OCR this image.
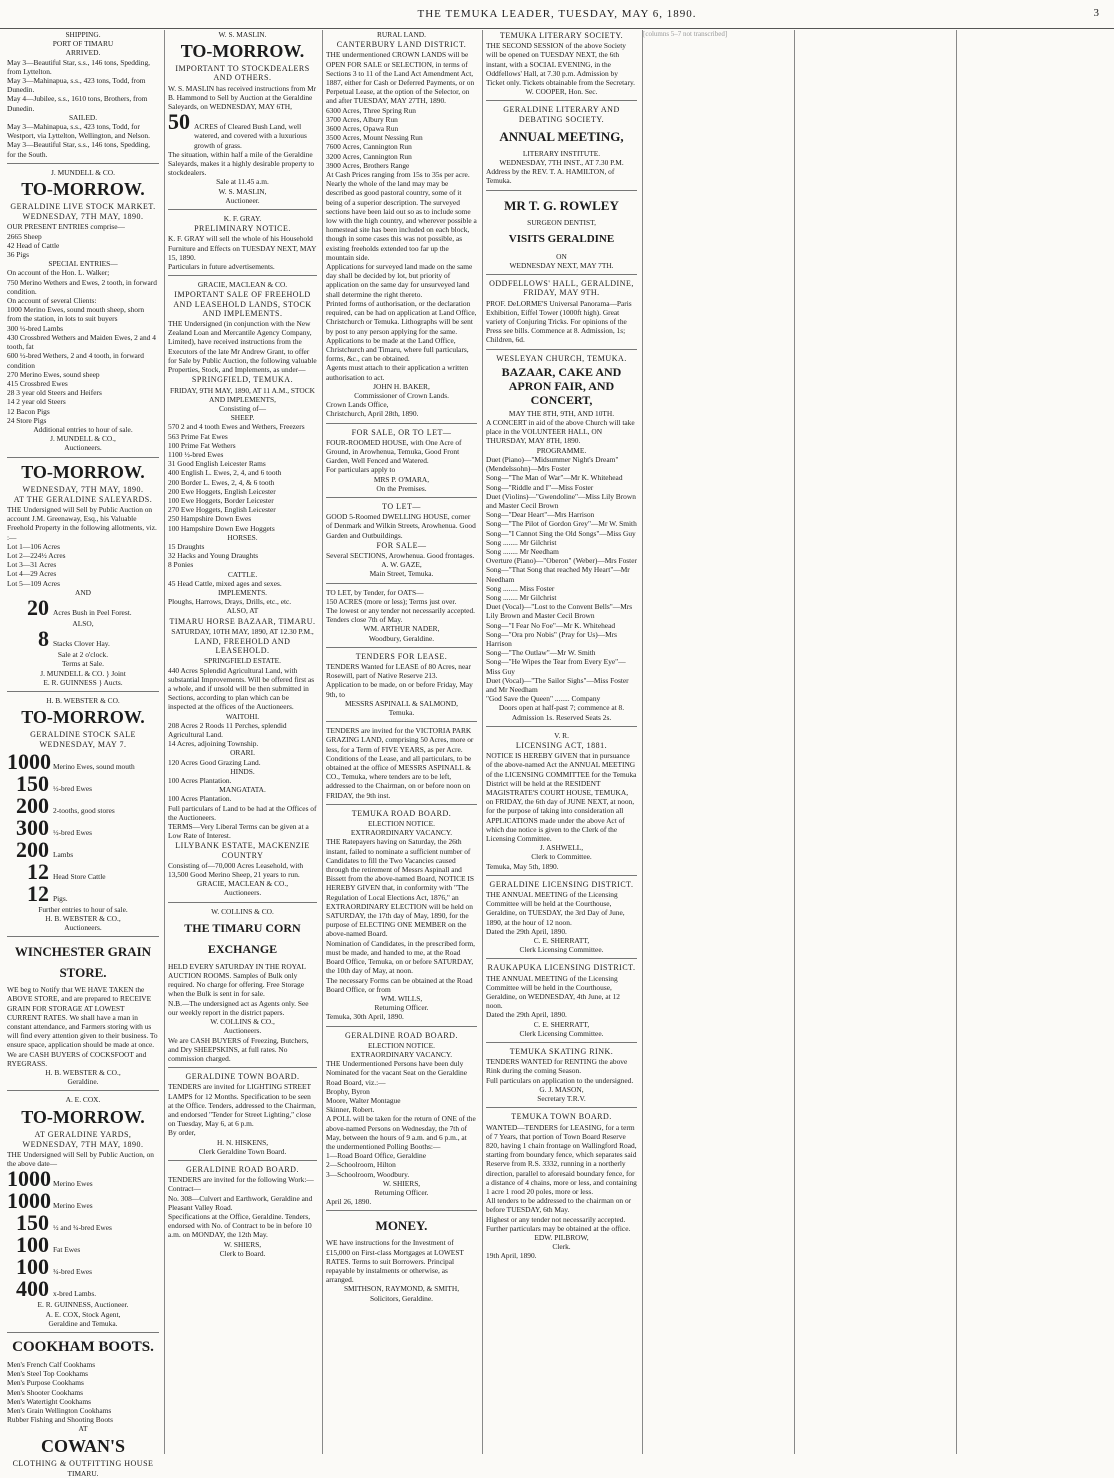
THE TEMUKA LEADER, TUESDAY, MAY 6, 1890.	3
SHIPPING.
PORT OF TIMARU
ARRIVED.
May 3—Beautiful Star, s.s., 146 tons, Spedding, from Lyttelton.
May 3—Mahinapua, s.s., 423 tons, Todd, from Dunedin.
May 4—Jubilee, s.s., 1610 tons, Brothers, from Dunedin.
SAILED.
May 3—Mahinapua, s.s., 423 tons, Todd, for Westport, via Lyttelton, Wellington, and Nelson.
May 3—Beautiful Star, s.s., 146 tons, Spedding, for the South.
J. MUNDELL & CO.
TO-MORROW.
GERALDINE LIVE STOCK MARKET.
WEDNESDAY, 7TH MAY, 1890.
OUR PRESENT ENTRIES comprise—
2665 Sheep
42 Head of Cattle
36 Pigs
SPECIAL ENTRIES—
On account of the Hon. L. Walker;
750 Merino Wethers and Ewes, 2 tooth, in forward condition.
On account of several Clients:
1000 Merino Ewes, sound mouth sheep, shorn from the station, in lots to suit buyers
300 ½-bred Lambs
430 Crossbred Wethers and Maiden Ewes, 2 and 4 tooth, fat
600 ½-bred Wethers, 2 and 4 tooth, in forward condition
270 Merino Ewes, sound sheep
415 Crossbred Ewes
28 3 year old Steers and Heifers
14 2 year old Steers
12 Bacon Pigs
24 Store Pigs
Additional entries to hour of sale.
J. MUNDELL & CO.,
Auctioneers.
TO-MORROW.
WEDNESDAY, 7TH MAY, 1890.
AT THE GERALDINE SALEYARDS.
THE Undersigned will Sell by Public Auction on account J.M. Greenaway, Esq., his Valuable Freehold Property in the following allotments, viz. :—
Lot 1—106 Acres
Lot 2—224½ Acres
Lot 3—31 Acres
Lot 4—29 Acres
Lot 5—109 Acres
AND
20 Acres Bush in Peel Forest.
ALSO,
8 Stacks Clover Hay.
Sale at 2 o'clock.
Terms at Sale.
J. MUNDELL & CO. } Joint
E. R. GUINNESS } Aucts.
H. B. WEBSTER & CO.
TO-MORROW.
GERALDINE STOCK SALE
WEDNESDAY, MAY 7.
1000 Merino Ewes, sound mouth
150 ½-bred Ewes
200 2-tooths, good stores
300 ½-bred Ewes
200 Lambs
12 Head Store Cattle
12 Pigs.
Further entries to hour of sale.
H. B. WEBSTER & CO.,
Auctioneers.
WINCHESTER GRAIN STORE.
WE beg to Notify that WE HAVE TAKEN the ABOVE STORE, and are prepared to RECEIVE GRAIN FOR STORAGE AT LOWEST CURRENT RATES. We shall have a man in constant attendance, and Farmers storing with us will find every attention given to their business. To ensure space, application should be made at once.
We are CASH BUYERS of COCKSFOOT and RYEGRASS.
H. B. WEBSTER & CO.,
Geraldine.
A. E. COX.
TO-MORROW.
AT GERALDINE YARDS,
WEDNESDAY, 7TH MAY, 1890.
THE Undersigned will Sell by Public Auction, on the above date—
1000 Merino Ewes
1000 Merino Ewes
150 ½ and ¾-bred Ewes
100 Fat Ewes
100 ¾-bred Ewes
400 x-bred Lambs.
E. R. GUINNESS, Auctioneer.
A. E. COX, Stock Agent,
Geraldine and Temuka.
COOKHAM BOOTS.
Men's French Calf Cookhams
Men's Steel Top Cookhams
Men's Purpose Cookhams
Men's Shooter Cookhams
Men's Watertight Cookhams
Men's Grain Wellington Cookhams
Rubber Fishing and Shooting Boots
AT
COWAN'S
CLOTHING & OUTFITTING HOUSE
TIMARU.
W. S. MASLIN.
TO-MORROW.
IMPORTANT TO STOCKDEALERS AND OTHERS.
W. S. MASLIN has received instructions from Mr B. Hammond to Sell by Auction at the Geraldine Saleyards, on WEDNESDAY, MAY 6TH,
50 ACRES of Cleared Bush Land, well watered, and covered with a luxurious growth of grass.
The situation, within half a mile of the Geraldine Saleyards, makes it a highly desirable property to stockdealers.
Sale at 11.45 a.m.
W. S. MASLIN,
Auctioneer.
K. F. GRAY.
PRELIMINARY NOTICE.
K. F. GRAY will sell the whole of his Household Furniture and Effects on TUESDAY NEXT, MAY 15, 1890.
Particulars in future advertisements.
GRACIE, MACLEAN & CO.
IMPORTANT SALE OF FREEHOLD AND LEASEHOLD LANDS, STOCK AND IMPLEMENTS.
THE Undersigned (in conjunction with the New Zealand Loan and Mercantile Agency Company, Limited), have received instructions from the Executors of the late Mr Andrew Grant, to offer for Sale by Public Auction, the following valuable Properties, Stock, and Implements, as under—
SPRINGFIELD, TEMUKA.
FRIDAY, 9TH MAY, 1890, AT 11 A.M., STOCK AND IMPLEMENTS,
Consisting of—
SHEEP.
570 2 and 4 tooth Ewes and Wethers, Freezers
563 Prime Fat Ewes
100 Prime Fat Wethers
1100 ½-bred Ewes
31 Good English Leicester Rams
400 English L. Ewes, 2, 4, and 6 tooth
200 Border L. Ewes, 2, 4, & 6 tooth
200 Ewe Hoggets, English Leicester
100 Ewe Hoggets, Border Leicester
270 Ewe Hoggets, English Leicester
250 Hampshire Down Ewes
100 Hampshire Down Ewe Hoggets
HORSES.
15 Draughts
32 Hacks and Young Draughts
8 Ponies
CATTLE.
45 Head Cattle, mixed ages and sexes.
IMPLEMENTS.
Ploughs, Harrows, Drays, Drills, etc., etc.
ALSO, AT
TIMARU HORSE BAZAAR, TIMARU.
SATURDAY, 10TH MAY, 1890, AT 12.30 P.M.,
LAND, FREEHOLD AND LEASEHOLD.
SPRINGFIELD ESTATE.
440 Acres Splendid Agricultural Land, with substantial Improvements. Will be offered first as a whole, and if unsold will be then submitted in Sections, according to plan which can be inspected at the offices of the Auctioneers.
WAITOHI.
208 Acres 2 Roods 11 Perches, splendid Agricultural Land.
14 Acres, adjoining Township.
ORARI.
120 Acres Good Grazing Land.
HINDS.
100 Acres Plantation.
MANGATATA.
100 Acres Plantation.
Full particulars of Land to be had at the Offices of the Auctioneers.
TERMS—Very Liberal Terms can be given at a Low Rate of Interest.
LILYBANK ESTATE, MACKENZIE COUNTRY
Consisting of—70,000 Acres Leasehold, with 13,500 Good Merino Sheep, 21 years to run.
GRACIE, MACLEAN & CO.,
Auctioneers.
W. COLLINS & CO.
THE TIMARU CORN EXCHANGE
HELD EVERY SATURDAY IN THE ROYAL AUCTION ROOMS. Samples of Bulk only required. No charge for offering. Free Storage when the Bulk is sent in for sale.
N.B.—The undersigned act as Agents only. See our weekly report in the district papers.
W. COLLINS & CO.,
Auctioneers.
We are CASH BUYERS of Freezing, Butchers, and Dry SHEEPSKINS, at full rates. No commission charged.
GERALDINE TOWN BOARD.
TENDERS are invited for LIGHTING STREET LAMPS for 12 Months. Specification to be seen at the Office. Tenders, addressed to the Chairman, and endorsed "Tender for Street Lighting," close on Tuesday, May 6, at 6 p.m.
By order,
H. N. HISKENS,
Clerk Geraldine Town Board.
GERALDINE ROAD BOARD.
TENDERS are invited for the following Work:—
Contract—
No. 308—Culvert and Earthwork, Geraldine and Pleasant Valley Road.
Specifications at the Office, Geraldine. Tenders, endorsed with No. of Contract to be in before 10 a.m. on MONDAY, the 12th May.
W. SHIERS,
Clerk to Board.
RURAL LAND.
CANTERBURY LAND DISTRICT.
THE undermentioned CROWN LANDS will be OPEN FOR SALE or SELECTION, in terms of Sections 3 to 11 of the Land Act Amendment Act, 1887, either for Cash or Deferred Payments, or on Perpetual Lease, at the option of the Selector, on and after TUESDAY, MAY 27TH, 1890.
6300 Acres, Three Spring Run
3700 Acres, Albury Run
3600 Acres, Opawa Run
3500 Acres, Mount Nessing Run
7600 Acres, Cannington Run
3200 Acres, Cannington Run
3900 Acres, Brothers Range
At Cash Prices ranging from 15s to 35s per acre.
Nearly the whole of the land may may be described as good pastoral country, some of it being of a superior description. The surveyed sections have been laid out so as to include some low with the high country, and wherever possible a homestead site has been included on each block, though in some cases this was not possible, as existing freeholds extended too far up the mountain side.
Applications for surveyed land made on the same day shall be decided by lot, but priority of application on the same day for unsurveyed land shall determine the right thereto.
Printed forms of authorisation, or the declaration required, can be had on application at Land Office, Christchurch or Temuka. Lithographs will be sent by post to any person applying for the same.
Applications to be made at the Land Office, Christchurch and Timaru, where full particulars, forms, &c., can be obtained.
Agents must attach to their application a written authorisation to act.
JOHN H. BAKER,
Commissioner of Crown Lands.
Crown Lands Office,
Christchurch, April 28th, 1890.
FOR SALE, OR TO LET—
FOUR-ROOMED HOUSE, with One Acre of Ground, in Arowhenua, Temuka, Good Front Garden, Well Fenced and Watered.
For particulars apply to
MRS P. O'MARA,
On the Premises.
TO LET—
GOOD 5-Roomed DWELLING HOUSE, corner of Denmark and Wilkin Streets, Arowhenua. Good Garden and Outbuildings.
FOR SALE—
Several SECTIONS, Arowhenua. Good frontages.
A. W. GAZE,
Main Street, Temuka.
TO LET, by Tender, for OATS—
150 ACRES (more or less); Terms just over.
The lowest or any tender not necessarily accepted. Tenders close 7th of May.
WM. ARTHUR NADER,
Woodbury, Geraldine.
TENDERS FOR LEASE.
TENDERS Wanted for LEASE of 80 Acres, near Rosewill, part of Native Reserve 213.
Application to be made, on or before Friday, May 9th, to
MESSRS ASPINALL & SALMOND,
Temuka.
TENDERS are invited for the VICTORIA PARK GRAZING LAND, comprising 50 Acres, more or less, for a Term of FIVE YEARS, as per Acre.
Conditions of the Lease, and all particulars, to be obtained at the office of MESSRS ASPINALL & CO., Temuka, where tenders are to be left, addressed to the Chairman, on or before noon on FRIDAY, the 9th inst.
TEMUKA ROAD BOARD.
ELECTION NOTICE.
EXTRAORDINARY VACANCY.
THE Ratepayers having on Saturday, the 26th instant, failed to nominate a sufficient number of Candidates to fill the Two Vacancies caused through the retirement of Messrs Aspinall and Bissett from the above-named Board, NOTICE IS HEREBY GIVEN that, in conformity with "The Regulation of Local Elections Act, 1876," an EXTRAORDINARY ELECTION will be held on SATURDAY, the 17th day of May, 1890, for the purpose of ELECTING ONE MEMBER on the above-named Board.
Nomination of Candidates, in the prescribed form, must be made, and handed to me, at the Road Board Office, Temuka, on or before SATURDAY, the 10th day of May, at noon.
The necessary Forms can be obtained at the Road Board Office, or from
WM. WILLS,
Returning Officer.
Temuka, 30th April, 1890.
GERALDINE ROAD BOARD.
ELECTION NOTICE.
EXTRAORDINARY VACANCY.
THE Undermentioned Persons have been duly Nominated for the vacant Seat on the Geraldine Road Board, viz.:—
Brophy, Byron
Moore, Walter Montague
Skinner, Robert.
A POLL will be taken for the return of ONE of the above-named Persons on Wednesday, the 7th of May, between the hours of 9 a.m. and 6 p.m., at the undermentioned Polling Booths:—
1—Road Board Office, Geraldine
2—Schoolroom, Hilton
3—Schoolroom, Woodbury.
W. SHIERS,
Returning Officer.
April 26, 1890.
MONEY.
WE have instructions for the Investment of £15,000 on First-class Mortgages at LOWEST RATES. Terms to suit Borrowers. Principal repayable by instalments or otherwise, as arranged.
SMITHSON, RAYMOND, & SMITH,
Solicitors, Geraldine.
TEMUKA LITERARY SOCIETY.
THE SECOND SESSION of the above Society will be opened on TUESDAY NEXT, the 6th instant, with a SOCIAL EVENING, in the Oddfellows' Hall, at 7.30 p.m. Admission by Ticket only. Tickets obtainable from the Secretary.
W. COOPER, Hon. Sec.
GERALDINE LITERARY AND DEBATING SOCIETY.
ANNUAL MEETING,
LITERARY INSTITUTE.
WEDNESDAY, 7TH INST., AT 7.30 P.M.
Address by the REV. T. A. HAMILTON, of Temuka.
MR T. G. ROWLEY
SURGEON DENTIST,
VISITS GERALDINE
ON
WEDNESDAY NEXT, MAY 7TH.
ODDFELLOWS' HALL, GERALDINE, FRIDAY, MAY 9TH.
PROF. DeLORME'S Universal Panorama—Paris Exhibition, Eiffel Tower (1000ft high). Great variety of Conjuring Tricks. For opinions of the Press see bills. Commence at 8. Admission, 1s; Children, 6d.
WESLEYAN CHURCH, TEMUKA.
BAZAAR, CAKE AND APRON FAIR, AND CONCERT,
MAY THE 8TH, 9TH, AND 10TH.
A CONCERT in aid of the above Church will take place in the VOLUNTEER HALL, ON THURSDAY, MAY 8TH, 1890.
PROGRAMME.
Duet (Piano)—"Midsummer Night's Dream" (Mendelssohn)—Mrs Foster
Song—"The Man of War"—Mr K. Whitehead
Song—"Riddle and I"—Miss Foster
Duet (Violins)—"Gwendoline"—Miss Lily Brown and Master Cecil Brown
Song—"Dear Heart"—Mrs Harrison
Song—"The Pilot of Gordon Grey"—Mr W. Smith
Song—"I Cannot Sing the Old Songs"—Miss Guy
Song ........ Mr Gilchrist
Song ........ Mr Needham
Overture (Piano)—"Oberon" (Weber)—Mrs Foster
Song—"That Song that reached My Heart"—Mr Needham
Song ........ Miss Foster
Song ........ Mr Gilchrist
Duet (Vocal)—"Lost to the Convent Bells"—Mrs Lily Brown and Master Cecil Brown
Song—"I Fear No Foe"—Mr K. Whitehead
Song—"Ora pro Nobis" (Pray for Us)—Mrs Harrison
Song—"The Outlaw"—Mr W. Smith
Song—"He Wipes the Tear from Every Eye"—Miss Guy
Duet (Vocal)—"The Sailor Sighs"—Miss Foster and Mr Needham
"God Save the Queen" ........ Company
Doors open at half-past 7; commence at 8.
Admission 1s. Reserved Seats 2s.
V. R.
LICENSING ACT, 1881.
NOTICE IS HEREBY GIVEN that in pursuance of the above-named Act the ANNUAL MEETING of the LICENSING COMMITTEE for the Temuka District will be held at the RESIDENT MAGISTRATE'S COURT HOUSE, TEMUKA, on FRIDAY, the 6th day of JUNE NEXT, at noon, for the purpose of taking into consideration all APPLICATIONS made under the above Act of which due notice is given to the Clerk of the Licensing Committee.
J. ASHWELL,
Clerk to Committee.
Temuka, May 5th, 1890.
GERALDINE LICENSING DISTRICT.
THE ANNUAL MEETING of the Licensing Committee will be held at the Courthouse, Geraldine, on TUESDAY, the 3rd Day of June, 1890, at the hour of 12 noon.
Dated the 29th April, 1890.
C. E. SHERRATT,
Clerk Licensing Committee.
RAUKAPUKA LICENSING DISTRICT.
THE ANNUAL MEETING of the Licensing Committee will be held in the Courthouse, Geraldine, on WEDNESDAY, 4th June, at 12 noon.
Dated the 29th April, 1890.
C. E. SHERRATT,
Clerk Licensing Committee.
TEMUKA SKATING RINK.
TENDERS WANTED for RENTING the above Rink during the coming Season.
Full particulars on application to the undersigned.
G. J. MASON,
Secretary T.R.V.
TEMUKA TOWN BOARD.
WANTED—TENDERS for LEASING, for a term of 7 Years, that portion of Town Board Reserve 820, having 1 chain frontage on Wallingford Road, starting from boundary fence, which separates said Reserve from R.S. 3332, running in a northerly direction, parallel to aforesaid boundary fence, for a distance of 4 chains, more or less, and containing 1 acre 1 rood 20 poles, more or less.
All tenders to be addressed to the chairman on or before TUESDAY, 6th May.
Highest or any tender not necessarily accepted. Further particulars may be obtained at the office.
EDW. PILBROW,
Clerk.
19th April, 1890.
[columns 5–7 not transcribed]
